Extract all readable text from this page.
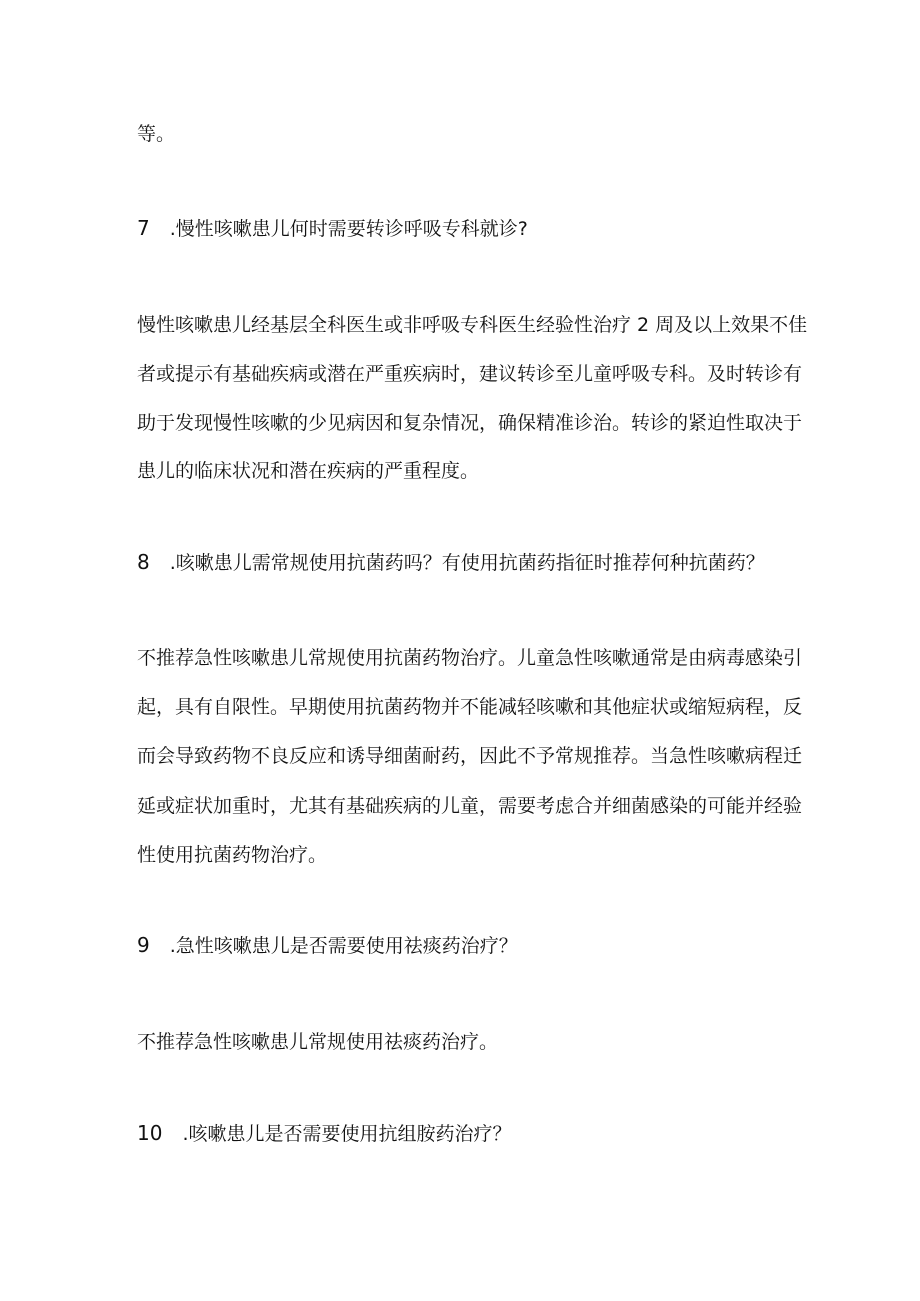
等。
7 .慢性咳嗽患儿何时需要转诊呼吸专科就诊?
慢性咳嗽患儿经基层全科医生或非呼吸专科医生经验性治疗 2 周及以上效果不佳
者或提示有基础疾病或潜在严重疾病时，建议转诊至儿童呼吸专科。及时转诊有
助于发现慢性咳嗽的少见病因和复杂情况，确保精准诊治。转诊的紧迫性取决于
患儿的临床状况和潜在疾病的严重程度。
8 .咳嗽患儿需常规使用抗菌药吗？有使用抗菌药指征时推荐何种抗菌药？
不推荐急性咳嗽患儿常规使用抗菌药物治疗。儿童急性咳嗽通常是由病毒感染引
起，具有自限性。早期使用抗菌药物并不能减轻咳嗽和其他症状或缩短病程，反
而会导致药物不良反应和诱导细菌耐药，因此不予常规推荐。当急性咳嗽病程迁
延或症状加重时，尤其有基础疾病的儿童，需要考虑合并细菌感染的可能并经验
性使用抗菌药物治疗。
9 .急性咳嗽患儿是否需要使用祛痰药治疗？
不推荐急性咳嗽患儿常规使用祛痰药治疗。
10 .咳嗽患儿是否需要使用抗组胺药治疗？
